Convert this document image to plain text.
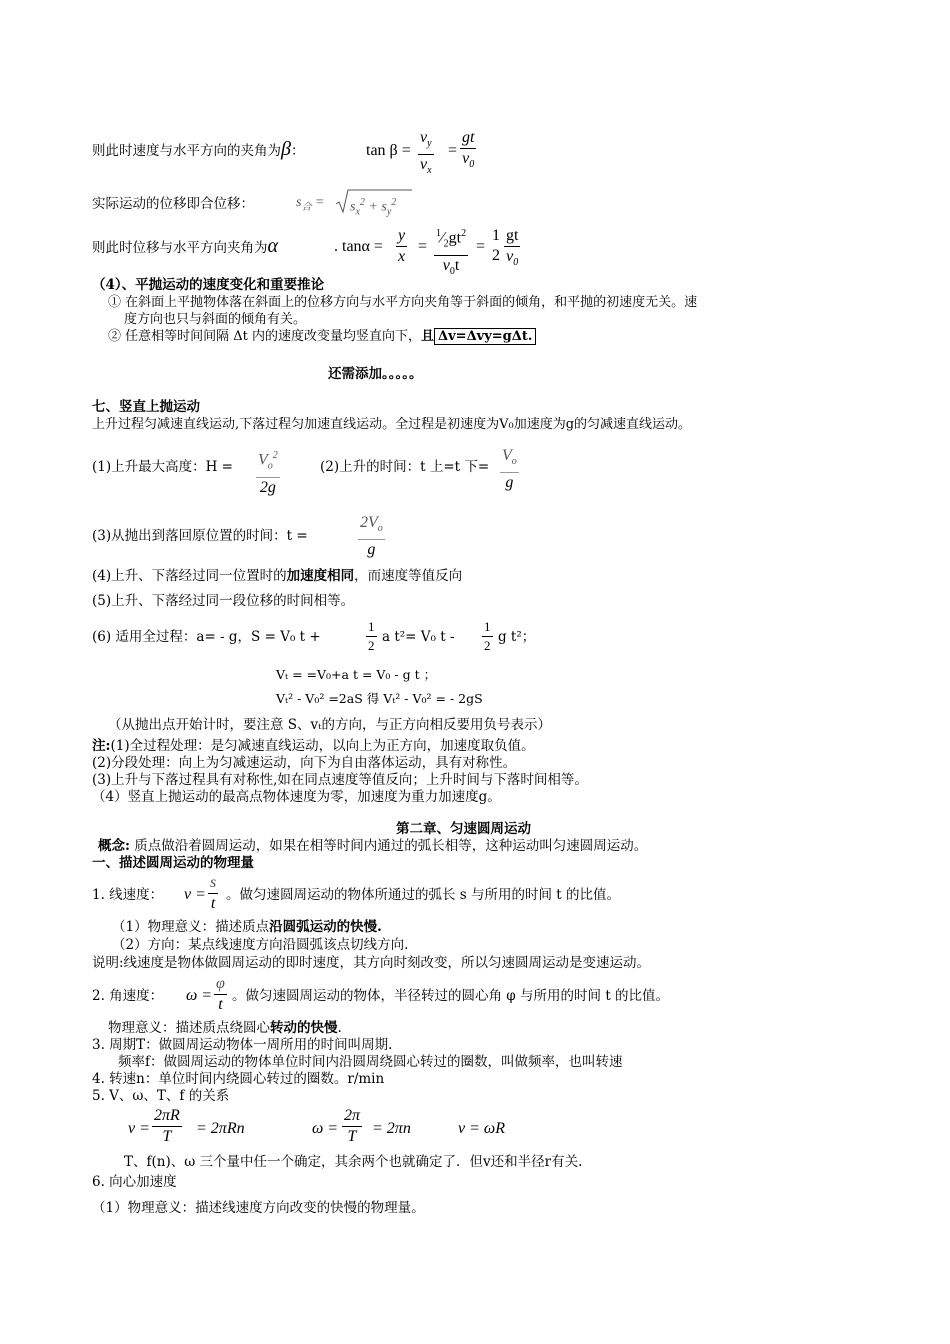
则此时速度与水平方向的夹角为β：	$\tan \beta = \frac{v_y}{v_x} = \frac{gt}{v_0}$
实际运动的位移即合位移：	$s_合 = s_x^2 + s_y^2$
则此时位移与水平方向夹角为α	. $\tan\alpha = \frac{y}{x} = \frac{^1⁄_2gt^2}{v_0t}$ =
1
$2 \frac{gt}{v_0}$
（4）、平抛运动的速度变化和重要推论
① 在斜面上平抛物体落在斜面上的位移方向与水平方向夹角等于斜面的倾角，和平抛的初速度无关。速
度方向也只与斜面的倾角有关。
② 任意相等时间间隔 Δt 内的速度改变量均竖直向下，且 Δv=Δvy=gΔt.
还需添加。。。。。
七、竖直上抛运动
上升过程匀减速直线运动,下落过程匀加速直线运动。全过程是初速度为V₀加速度为g的匀减速直线运动。
(1)上升最大高度：$H = \frac{V_o^2}{2g}$	(2)上升的时间：t 上=t 下= $\frac{V_o}{g}$
(3)从抛出到落回原位置的时间：t =	$\frac{2V_o}{g}$
(4)上升、下落经过同一位置时的加速度相同，而速度等值反向
(5)上升、下落经过同一段位移的时间相等。
(6) 适用全过程：a= - g，S = V₀ t +	$\frac{1}{2}$ a t²= V₀ t - $\frac{1}{2}$ g t²；
Vₜ = =V₀+a t = V₀ - g t ；
Vₜ² - V₀² =2aS 得 Vₜ² - V₀² = - 2gS
（从抛出点开始计时，要注意 S、vₜ的方向，与正方向相反要用负号表示）
注:(1)全过程处理：是匀减速直线运动，以向上为正方向，加速度取负值。
(2)分段处理：向上为匀减速运动，向下为自由落体运动，具有对称性。
(3)上升与下落过程具有对称性,如在同点速度等值反向；上升时间与下落时间相等。
（4）竖直上抛运动的最高点物体速度为零，加速度为重力加速度g。
第二章、匀速圆周运动
概念: 质点做沿着圆周运动，如果在相等时间内通过的弧长相等，这种运动叫匀速圆周运动。
一、描述圆周运动的物理量
1. 线速度： $v = \frac{s}{t}$ 。做匀速圆周运动的物体所通过的弧长 s 与所用的时间 t 的比值。
（1）物理意义：描述质点沿圆弧运动的快慢.
（2）方向：某点线速度方向沿圆弧该点切线方向.
说明:线速度是物体做圆周运动的即时速度，其方向时刻改变，所以匀速圆周运动是变速运动。
2. 角速度： $\omega = \frac{\varphi}{t}$ 。做匀速圆周运动的物体，半径转过的圆心角 φ 与所用的时间 t 的比值。
物理意义：描述质点绕圆心转动的快慢.
3. 周期T：做圆周运动物体一周所用的时间叫周期.
频率f：做圆周运动的物体单位时间内沿圆周绕圆心转过的圈数，叫做频率，也叫转速
4. 转速n：单位时间内绕圆心转过的圈数。r/min
5. V、ω、T、f 的关系
$v = \frac{2\pi R}{T} = 2\pi Rn$	$\omega = \frac{2\pi}{T} = 2\pi n$	v = ωR
T、f(n)、ω 三个量中任一个确定，其余两个也就确定了．但v还和半径r有关.
6. 向心加速度
（1）物理意义：描述线速度方向改变的快慢的物理量。
